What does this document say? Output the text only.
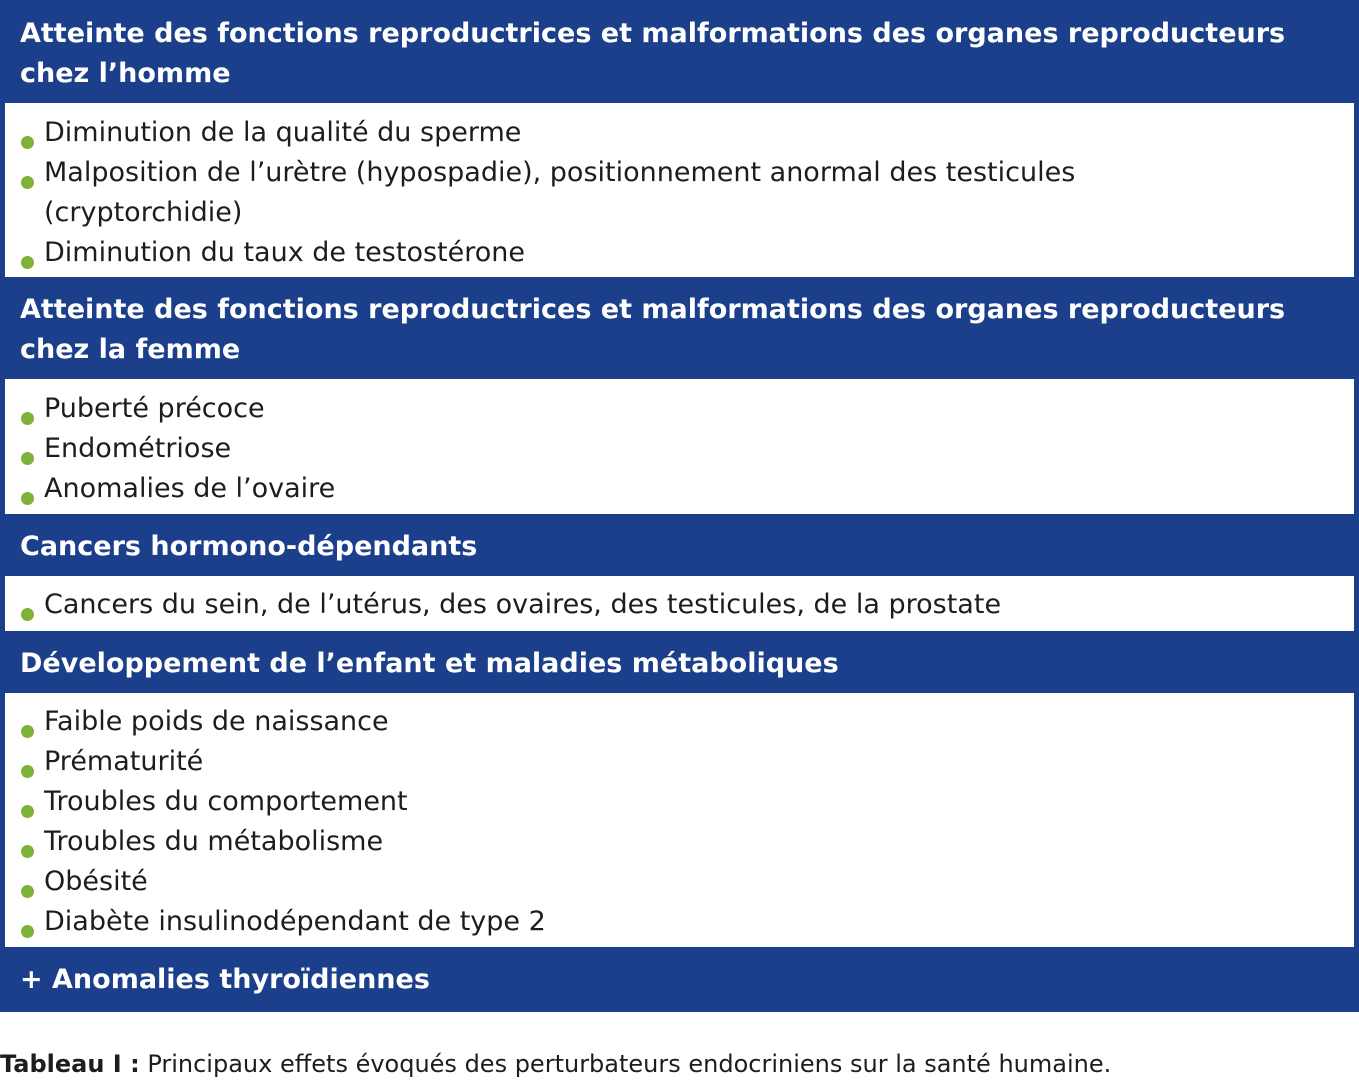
Atteinte des fonctions reproductrices et malformations des organes reproducteurs chez l’homme
Diminution de la qualité du sperme
Malposition de l’urètre (hypospadie), positionnement anormal des testicules (cryptorchidie)
Diminution du taux de testostérone
Atteinte des fonctions reproductrices et malformations des organes reproducteurs chez la femme
Puberté précoce
Endométriose
Anomalies de l’ovaire
Cancers hormono-dépendants
Cancers du sein, de l’utérus, des ovaires, des testicules, de la prostate
Développement de l’enfant et maladies métaboliques
Faible poids de naissance
Prématurité
Troubles du comportement
Troubles du métabolisme
Obésité
Diabète insulinodépendant de type 2
+ Anomalies thyroïdiennes
Tableau I : Principaux effets évoqués des perturbateurs endocriniens sur la santé humaine.
